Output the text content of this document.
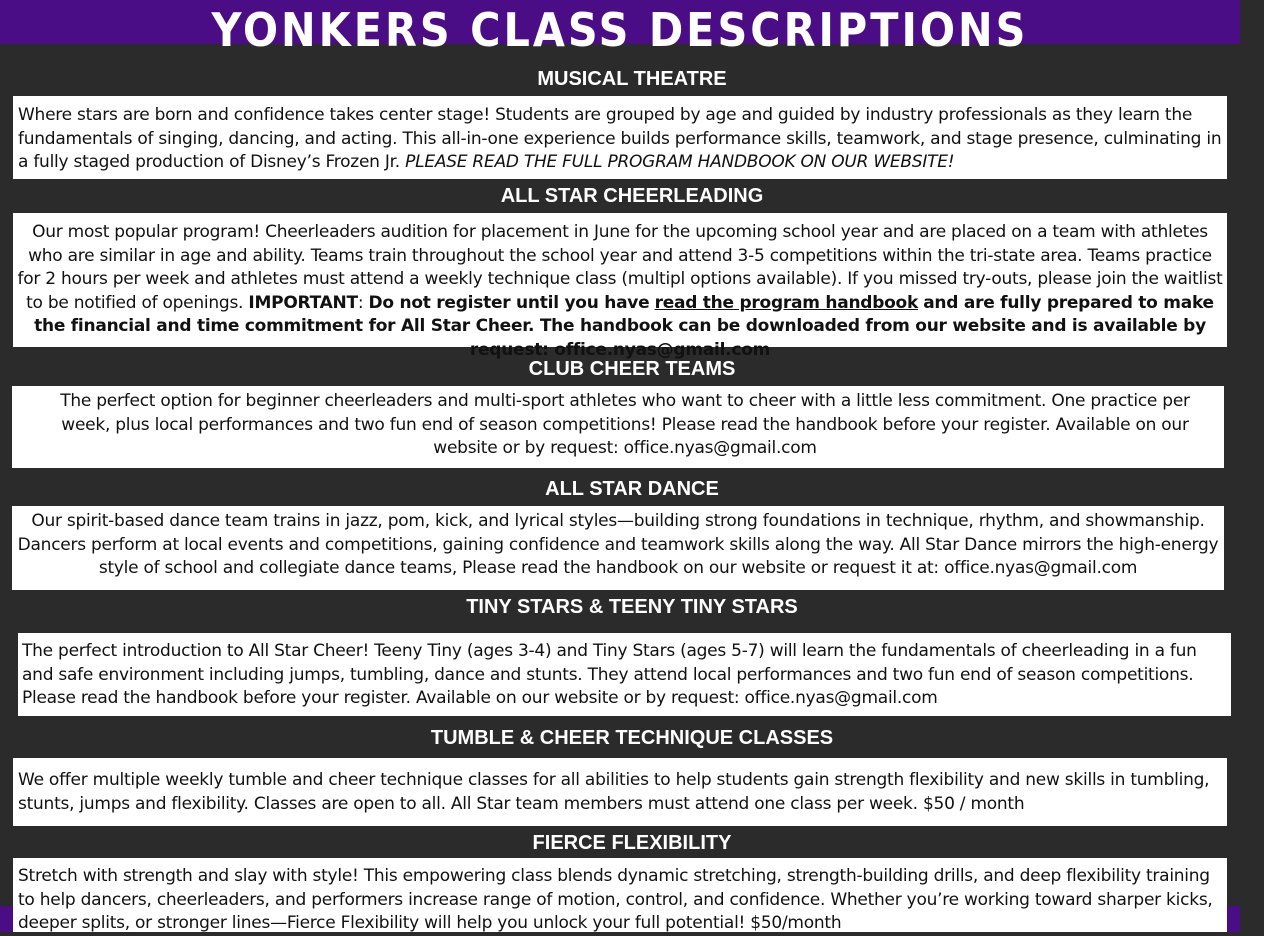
YONKERS CLASS DESCRIPTIONS
MUSICAL THEATRE
Where stars are born and confidence takes center stage! Students are grouped by age and guided by industry professionals as they learn the fundamentals of singing, dancing, and acting. This all-in-one experience builds performance skills, teamwork, and stage presence, culminating in a fully staged production of Disney’s Frozen Jr. PLEASE READ THE FULL PROGRAM HANDBOOK ON OUR WEBSITE!
ALL STAR CHEERLEADING
Our most popular program! Cheerleaders audition for placement in June for the upcoming school year and are placed on a team with athletes who are similar in age and ability. Teams train throughout the school year and attend 3-5 competitions within the tri-state area. Teams practice for 2 hours per week and athletes must attend a weekly technique class (multipl options available). If you missed try-outs, please join the waitlist to be notified of openings. IMPORTANT: Do not register until you have read the program handbook and are fully prepared to make the financial and time commitment for All Star Cheer. The handbook can be downloaded from our website and is available by request: office.nyas@gmail.com
CLUB CHEER TEAMS
The perfect option for beginner cheerleaders and multi-sport athletes who want to cheer with a little less commitment. One practice per week, plus local performances and two fun end of season competitions! Please read the handbook before your register. Available on our website or by request: office.nyas@gmail.com
ALL STAR DANCE
Our spirit-based dance team trains in jazz, pom, kick, and lyrical styles—building strong foundations in technique, rhythm, and showmanship. Dancers perform at local events and competitions, gaining confidence and teamwork skills along the way. All Star Dance mirrors the high-energy style of school and collegiate dance teams, Please read the handbook on our website or request it at: office.nyas@gmail.com
TINY STARS & TEENY TINY STARS
The perfect introduction to All Star Cheer! Teeny Tiny (ages 3-4) and Tiny Stars (ages 5-7) will learn the fundamentals of cheerleading in a fun and safe environment including jumps, tumbling, dance and stunts. They attend local performances and two fun end of season competitions. Please read the handbook before your register. Available on our website or by request: office.nyas@gmail.com
TUMBLE & CHEER TECHNIQUE CLASSES
We offer multiple weekly tumble and cheer technique classes for all abilities to help students gain strength flexibility and new skills in tumbling, stunts, jumps and flexibility. Classes are open to all. All Star team members must attend one class per week. $50 / month
FIERCE FLEXIBILITY
Stretch with strength and slay with style! This empowering class blends dynamic stretching, strength-building drills, and deep flexibility training to help dancers, cheerleaders, and performers increase range of motion, control, and confidence. Whether you’re working toward sharper kicks, deeper splits, or stronger lines—Fierce Flexibility will help you unlock your full potential! $50/month
